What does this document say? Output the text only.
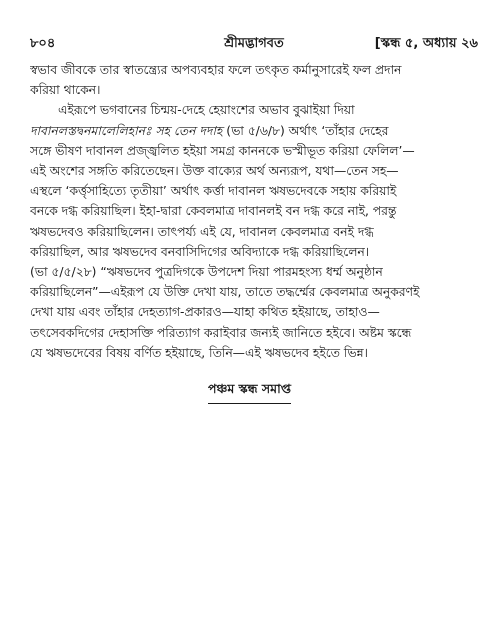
৮০৪	শ্রীমদ্ভাগবত	[স্কন্ধ ৫, অধ্যায় ২৬

স্বভাব জীবকে তার স্বাতন্ত্র্যের অপব্যবহার ফলে তৎকৃত কর্মানুসারেই ফল প্রদান
করিয়া থাকেন।

এইরূপে ভগবানের চিন্ময়-দেহে হেয়াংশের অভাব বুঝাইয়া দিয়া
দাবানলস্তদ্বনমালেলিহানঃ সহ তেন দদাহ (ভা ৫/৬/৮) অর্থাৎ ‘তাঁহার দেহের
সঙ্গে ভীষণ দাবানল প্রজ্জ্বলিত হইয়া সমগ্র কাননকে ভস্মীভূত করিয়া ফেলিল’—
এই অংশের সঙ্গতি করিতেছেন। উক্ত বাক্যের অর্থ অন্যরূপ, যথা—তেন সহ—
এস্থলে ‘কর্ত্তৃসাহিত্যে তৃতীয়া’ অর্থাৎ কর্ত্তা দাবানল ঋষভদেবকে সহায় করিয়াই
বনকে দগ্ধ করিয়াছিল। ইহা-দ্বারা কেবলমাত্র দাবানলই বন দগ্ধ করে নাই, পরন্তু
ঋষভদেবও করিয়াছিলেন। তাৎপর্য্য এই যে, দাবানল কেবলমাত্র বনই দগ্ধ
করিয়াছিল, আর ঋষভদেব বনবাসিদিগের অবিদ্যাকে দগ্ধ করিয়াছিলেন।
(ভা ৫/৫/২৮) “ঋষভদেব পুত্রদিগকে উপদেশ দিয়া পারমহংস্য ধর্ম্ম অনুষ্ঠান
করিয়াছিলেন”—এইরূপ যে উক্তি দেখা যায়, তাতে তদ্ধর্ম্মের কেবলমাত্র অনুকরণই
দেখা যায় এবং তাঁহার দেহত্যাগ-প্রকারও—যাহা কথিত হইয়াছে, তাহাও—
তৎসেবকদিগের দেহাসক্তি পরিত্যাগ করাইবার জন্যই জানিতে হইবে। অষ্টম স্কন্ধে
যে ঋষভদেবের বিষয় বর্ণিত হইয়াছে, তিনি—এই ঋষভদেব হইতে ভিন্ন।

পঞ্চম স্কন্ধ সমাপ্ত
